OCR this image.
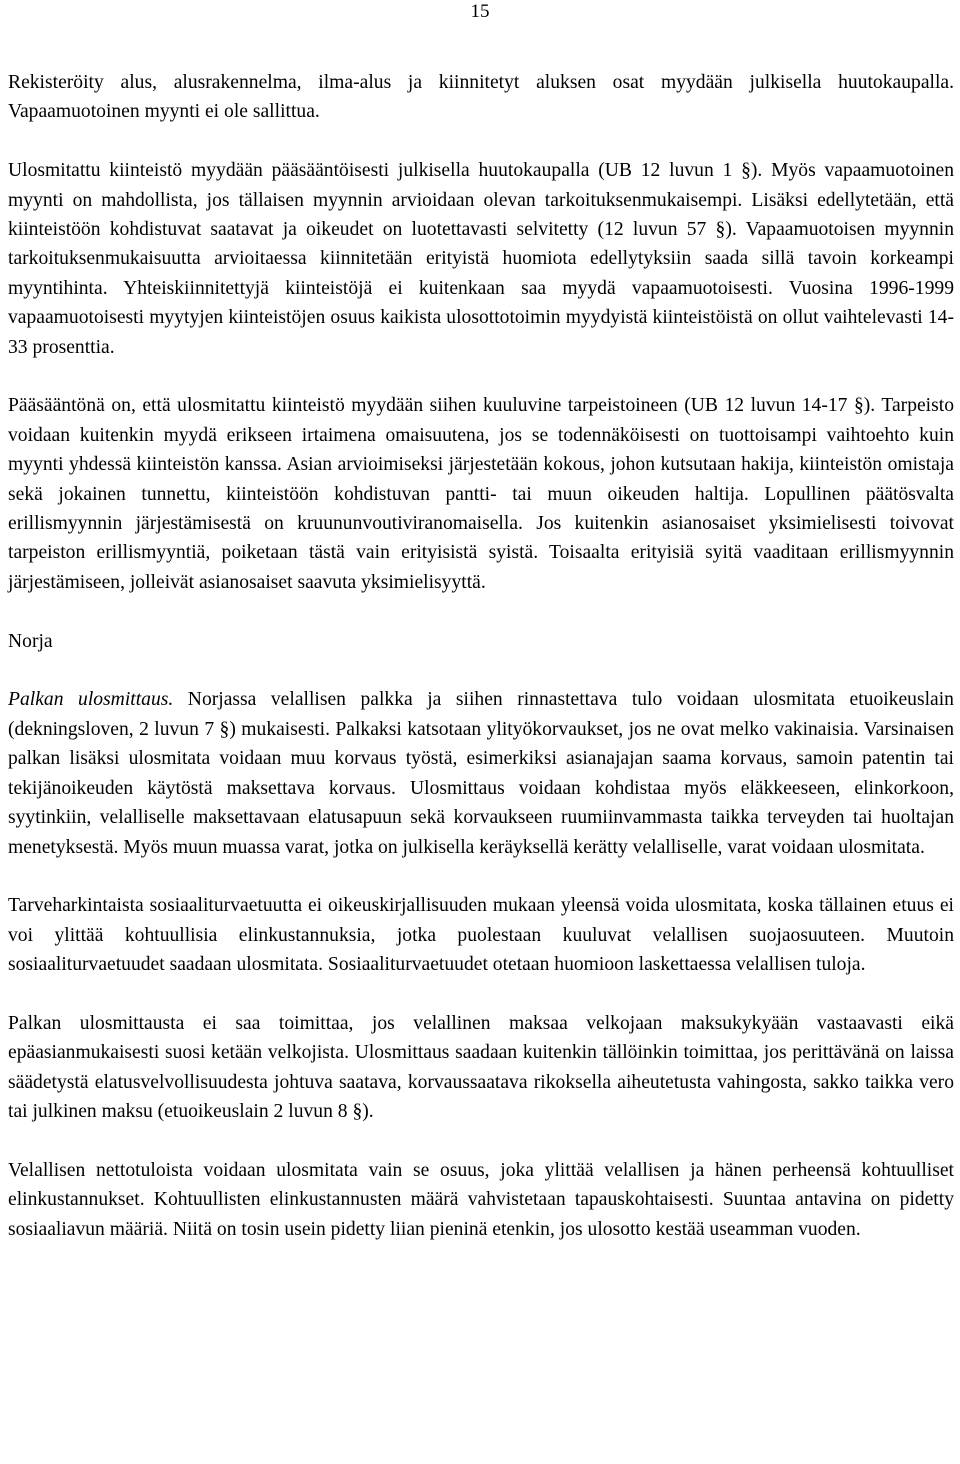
15

Rekisteröity alus, alusrakennelma, ilma-alus ja kiinnitetyt aluksen osat myydään julkisella huutokaupalla. Vapaamuotoinen myynti ei ole sallittua.

Ulosmitattu kiinteistö myydään pääsääntöisesti julkisella huutokaupalla (UB 12 luvun 1 §). Myös vapaamuotoinen myynti on mahdollista, jos tällaisen myynnin arvioidaan olevan tarkoituksenmukaisempi. Lisäksi edellytetään, että kiinteistöön kohdistuvat saatavat ja oikeudet on luotettavasti selvitetty (12 luvun 57 §). Vapaamuotoisen myynnin tarkoituksenmukaisuutta arvioitaessa kiinnitetään erityistä huomiota edellytyksiin saada sillä tavoin korkeampi myyntihinta. Yhteiskiinnitettyjä kiinteistöjä ei kuitenkaan saa myydä vapaamuotoisesti. Vuosina 1996-1999 vapaamuotoisesti myytyjen kiinteistöjen osuus kaikista ulosottotoimin myydyistä kiinteistöistä on ollut vaihtelevasti 14-33 prosenttia.

Pääsääntönä on, että ulosmitattu kiinteistö myydään siihen kuuluvine tarpeistoineen (UB 12 luvun 14-17 §). Tarpeisto voidaan kuitenkin myydä erikseen irtaimena omaisuutena, jos se todennäköisesti on tuottoisampi vaihtoehto kuin myynti yhdessä kiinteistön kanssa. Asian arvioimiseksi järjestetään kokous, johon kutsutaan hakija, kiinteistön omistaja sekä jokainen tunnettu, kiinteistöön kohdistuvan pantti- tai muun oikeuden haltija. Lopullinen päätösvalta erillismyynnin järjestämisestä on kruununvoutiviranomaisella. Jos kuitenkin asianosaiset yksimielisesti toivovat tarpeiston erillismyyntiä, poiketaan tästä vain erityisistä syistä. Toisaalta erityisiä syitä vaaditaan erillismyynnin järjestämiseen, jolleivät asianosaiset saavuta yksimielisyyttä.

Norja

Palkan ulosmittaus. Norjassa velallisen palkka ja siihen rinnastettava tulo voidaan ulosmitata etuoikeuslain (dekningsloven, 2 luvun 7 §) mukaisesti. Palkaksi katsotaan ylityökorvaukset, jos ne ovat melko vakinaisia. Varsinaisen palkan lisäksi ulosmitata voidaan muu korvaus työstä, esimerkiksi asianajajan saama korvaus, samoin patentin tai tekijänoikeuden käytöstä maksettava korvaus. Ulosmittaus voidaan kohdistaa myös eläkkeeseen, elinkorkoon, syytinkiin, velalliselle maksettavaan elatusapuun sekä korvaukseen ruumiinvammasta taikka terveyden tai huoltajan menetyksestä. Myös muun muassa varat, jotka on julkisella keräyksellä kerätty velalliselle, varat voidaan ulosmitata.

Tarveharkintaista sosiaaliturvaetuutta ei oikeuskirjallisuuden mukaan yleensä voida ulosmitata, koska tällainen etuus ei voi ylittää kohtuullisia elinkustannuksia, jotka puolestaan kuuluvat velallisen suojaosuuteen. Muutoin sosiaaliturvaetuudet saadaan ulosmitata. Sosiaaliturvaetuudet otetaan huomioon laskettaessa velallisen tuloja.

Palkan ulosmittausta ei saa toimittaa, jos velallinen maksaa velkojaan maksukykyään vastaavasti eikä epäasianmukaisesti suosi ketään velkojista. Ulosmittaus saadaan kuitenkin tällöinkin toimittaa, jos perittävänä on laissa säädetystä elatusvelvollisuudesta johtuva saatava, korvaussaatava rikoksella aiheutetusta vahingosta, sakko taikka vero tai julkinen maksu (etuoikeuslain 2 luvun 8 §).

Velallisen nettotuloista voidaan ulosmitata vain se osuus, joka ylittää velallisen ja hänen perheensä kohtuulliset elinkustannukset. Kohtuullisten elinkustannusten määrä vahvistetaan tapauskohtaisesti. Suuntaa antavina on pidetty sosiaaliavun määriä. Niitä on tosin usein pidetty liian pieninä etenkin, jos ulosotto kestää useamman vuoden.
